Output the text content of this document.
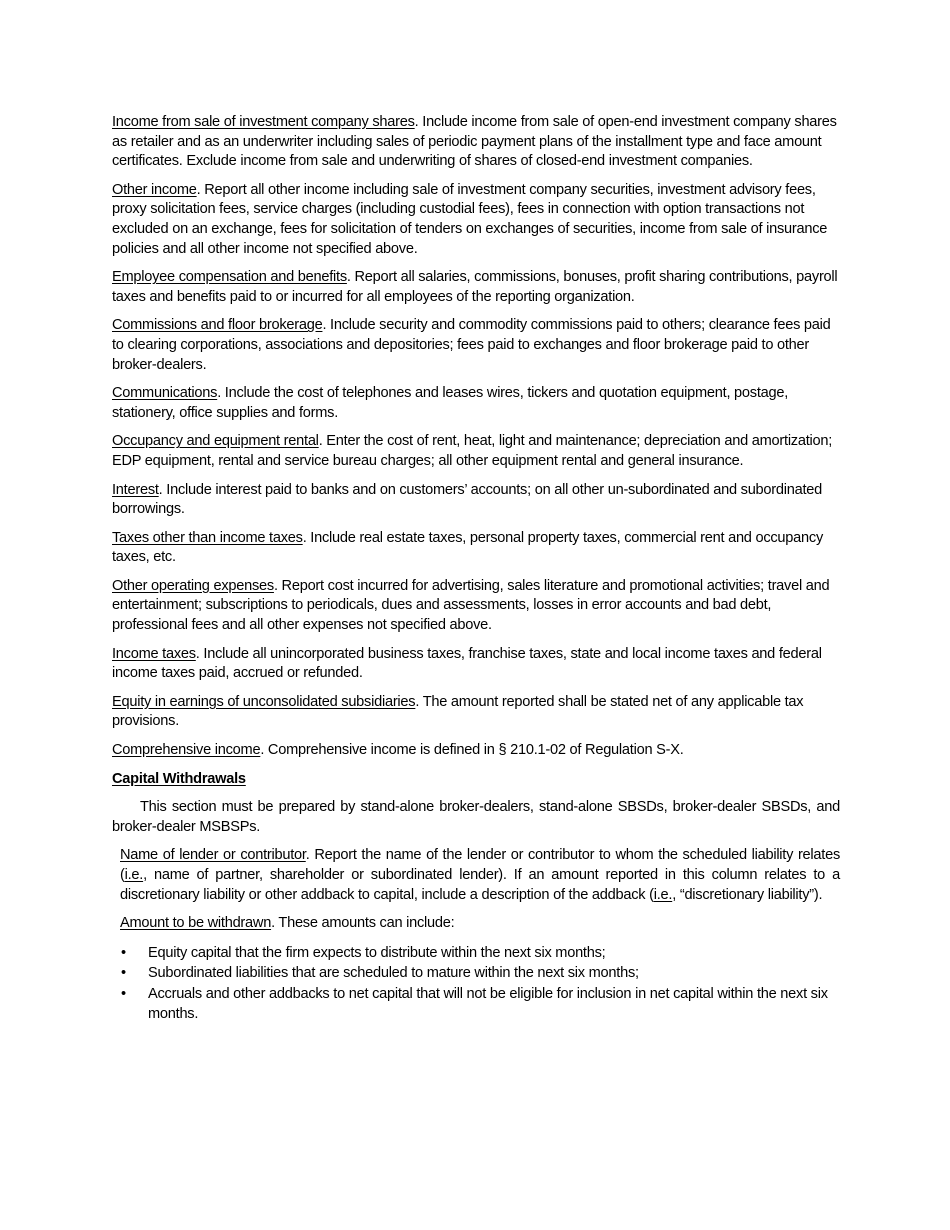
Income from sale of investment company shares. Include income from sale of open-end investment company shares as retailer and as an underwriter including sales of periodic payment plans of the installment type and face amount certificates. Exclude income from sale and underwriting of shares of closed-end investment companies.

Other income. Report all other income including sale of investment company securities, investment advisory fees, proxy solicitation fees, service charges (including custodial fees), fees in connection with option transactions not excluded on an exchange, fees for solicitation of tenders on exchanges of securities, income from sale of insurance policies and all other income not specified above.

Employee compensation and benefits. Report all salaries, commissions, bonuses, profit sharing contributions, payroll taxes and benefits paid to or incurred for all employees of the reporting organization.

Commissions and floor brokerage. Include security and commodity commissions paid to others; clearance fees paid to clearing corporations, associations and depositories; fees paid to exchanges and floor brokerage paid to other broker-dealers.

Communications. Include the cost of telephones and leases wires, tickers and quotation equipment, postage, stationery, office supplies and forms.

Occupancy and equipment rental. Enter the cost of rent, heat, light and maintenance; depreciation and amortization; EDP equipment, rental and service bureau charges; all other equipment rental and general insurance.

Interest. Include interest paid to banks and on customers’ accounts; on all other un-subordinated and subordinated borrowings.

Taxes other than income taxes. Include real estate taxes, personal property taxes, commercial rent and occupancy taxes, etc.

Other operating expenses. Report cost incurred for advertising, sales literature and promotional activities; travel and entertainment; subscriptions to periodicals, dues and assessments, losses in error accounts and bad debt, professional fees and all other expenses not specified above.

Income taxes. Include all unincorporated business taxes, franchise taxes, state and local income taxes and federal income taxes paid, accrued or refunded.

Equity in earnings of unconsolidated subsidiaries. The amount reported shall be stated net of any applicable tax provisions.

Comprehensive income. Comprehensive income is defined in § 210.1-02 of Regulation S-X.

Capital Withdrawals

This section must be prepared by stand-alone broker-dealers, stand-alone SBSDs, broker-dealer SBSDs, and broker-dealer MSBSPs.

Name of lender or contributor. Report the name of the lender or contributor to whom the scheduled liability relates (i.e., name of partner, shareholder or subordinated lender). If an amount reported in this column relates to a discretionary liability or other addback to capital, include a description of the addback (i.e., “discretionary liability”).

Amount to be withdrawn. These amounts can include:

• Equity capital that the firm expects to distribute within the next six months;
• Subordinated liabilities that are scheduled to mature within the next six months;
• Accruals and other addbacks to net capital that will not be eligible for inclusion in net capital within the next six months.
